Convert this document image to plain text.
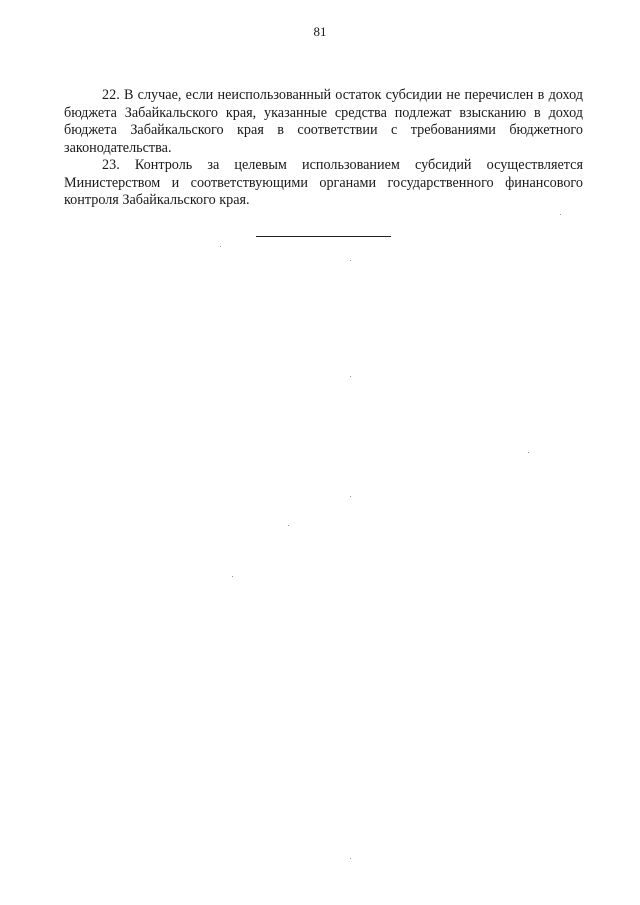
81

22. В случае, если неиспользованный остаток субсидии не перечислен в доход бюджета Забайкальского края, указанные средства подлежат взысканию в доход бюджета Забайкальского края в соответствии с требованиями бюджетного законодательства.

23. Контроль за целевым использованием субсидий осуществляется Министерством и соответствующими органами государственного финансового контроля Забайкальского края.
